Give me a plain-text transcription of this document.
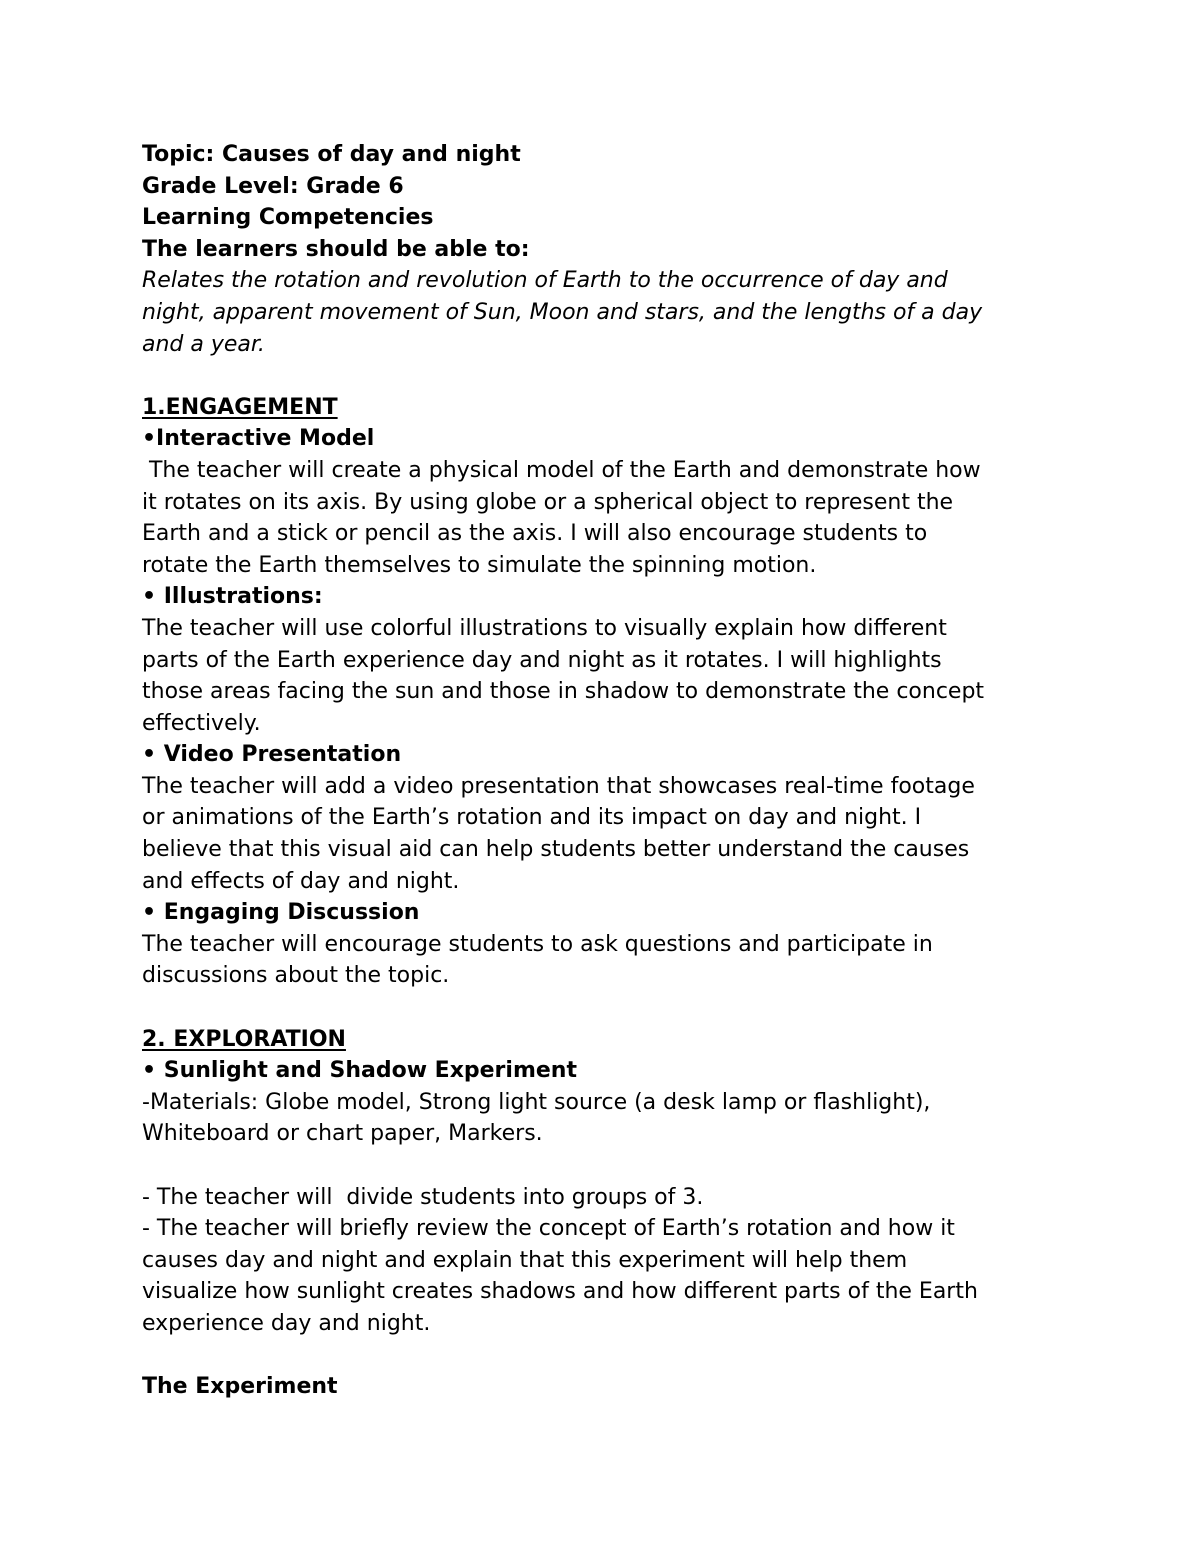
Topic: Causes of day and night
Grade Level: Grade 6
Learning Competencies
The learners should be able to:
Relates the rotation and revolution of Earth to the occurrence of day and
night, apparent movement of Sun, Moon and stars, and the lengths of a day
and a year.
1.ENGAGEMENT
•Interactive Model
The teacher will create a physical model of the Earth and demonstrate how
it rotates on its axis. By using globe or a spherical object to represent the
Earth and a stick or pencil as the axis. I will also encourage students to
rotate the Earth themselves to simulate the spinning motion.
• Illustrations:
The teacher will use colorful illustrations to visually explain how different
parts of the Earth experience day and night as it rotates. I will highlights
those areas facing the sun and those in shadow to demonstrate the concept
effectively.
• Video Presentation
The teacher will add a video presentation that showcases real-time footage
or animations of the Earth’s rotation and its impact on day and night. I
believe that this visual aid can help students better understand the causes
and effects of day and night.
• Engaging Discussion
The teacher will encourage students to ask questions and participate in
discussions about the topic.
2. EXPLORATION
• Sunlight and Shadow Experiment
-Materials: Globe model, Strong light source (a desk lamp or flashlight),
Whiteboard or chart paper, Markers.
- The teacher will  divide students into groups of 3.
- The teacher will briefly review the concept of Earth’s rotation and how it
causes day and night and explain that this experiment will help them
visualize how sunlight creates shadows and how different parts of the Earth
experience day and night.
The Experiment
